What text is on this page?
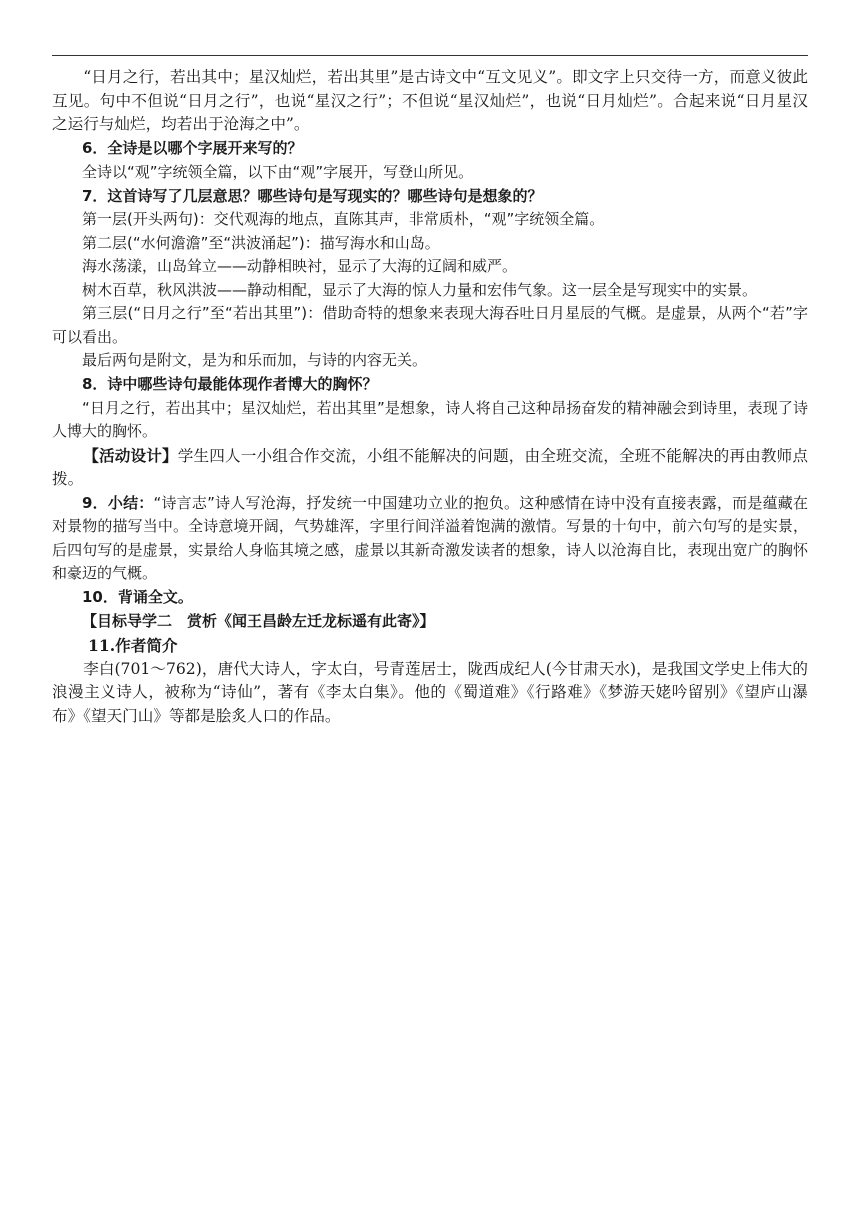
“日月之行，若出其中；星汉灿烂，若出其里”是古诗文中“互文见义”。即文字上只交待一方，而意义彼此互见。句中不但说“日月之行”，也说“星汉之行”；不但说“星汉灿烂”，也说“日月灿烂”。合起来说“日月星汉之运行与灿烂，均若出于沧海之中”。

6．全诗是以哪个字展开来写的？

全诗以“观”字统领全篇，以下由“观”字展开，写登山所见。

7．这首诗写了几层意思？哪些诗句是写现实的？哪些诗句是想象的？

第一层(开头两句)：交代观海的地点，直陈其声，非常质朴，“观”字统领全篇。

第二层(“水何澹澹”至“洪波涌起”)：描写海水和山岛。

海水荡漾，山岛耸立——动静相映衬，显示了大海的辽阔和威严。

树木百草，秋风洪波——静动相配，显示了大海的惊人力量和宏伟气象。这一层全是写现实中的实景。

第三层(“日月之行”至“若出其里”)：借助奇特的想象来表现大海吞吐日月星辰的气概。是虚景，从两个“若”字可以看出。

最后两句是附文，是为和乐而加，与诗的内容无关。

8．诗中哪些诗句最能体现作者博大的胸怀？

“日月之行，若出其中；星汉灿烂，若出其里”是想象，诗人将自己这种昂扬奋发的精神融会到诗里，表现了诗人博大的胸怀。

【活动设计】学生四人一小组合作交流，小组不能解决的问题，由全班交流，全班不能解决的再由教师点拨。

9．小结：“诗言志”诗人写沧海，抒发统一中国建功立业的抱负。这种感情在诗中没有直接表露，而是蕴藏在对景物的描写当中。全诗意境开阔，气势雄浑，字里行间洋溢着饱满的激情。写景的十句中，前六句写的是实景，后四句写的是虚景，实景给人身临其境之感，虚景以其新奇激发读者的想象，诗人以沧海自比，表现出宽广的胸怀和豪迈的气概。

10．背诵全文。

【目标导学二　赏析《闻王昌龄左迁龙标遥有此寄》】

11.作者简介

李白(701～762)，唐代大诗人，字太白，号青莲居士，陇西成纪人(今甘肃天水)，是我国文学史上伟大的浪漫主义诗人，被称为“诗仙”，著有《李太白集》。他的《蜀道难》《行路难》《梦游天姥吟留别》《望庐山瀑布》《望天门山》等都是脍炙人口的作品。
